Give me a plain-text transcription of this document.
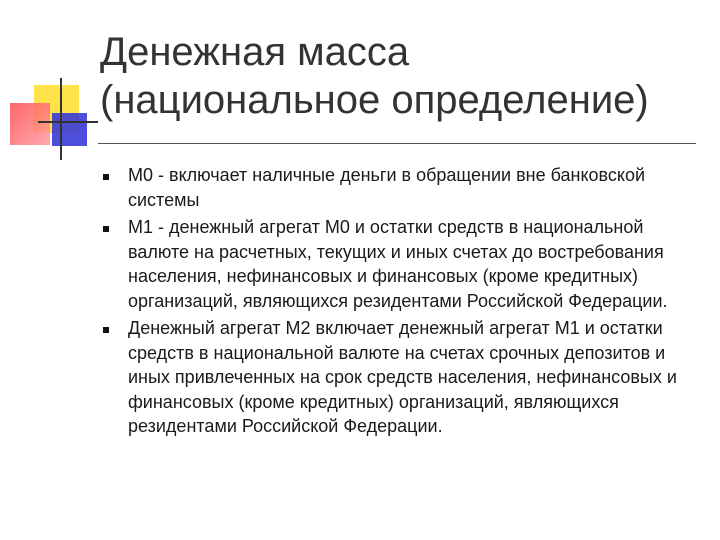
Денежная масса
(национальное определение)
М0 - включает наличные деньги в обращении вне банковской системы
М1 - денежный агрегат М0 и остатки средств в национальной валюте на расчетных, текущих и иных счетах до востребования населения, нефинансовых и финансовых (кроме кредитных) организаций, являющихся резидентами Российской Федерации.
Денежный агрегат М2 включает денежный агрегат М1 и остатки средств в национальной валюте на счетах срочных депозитов и иных привлеченных на срок средств населения, нефинансовых и финансовых (кроме кредитных) организаций, являющихся резидентами Российской Федерации.
